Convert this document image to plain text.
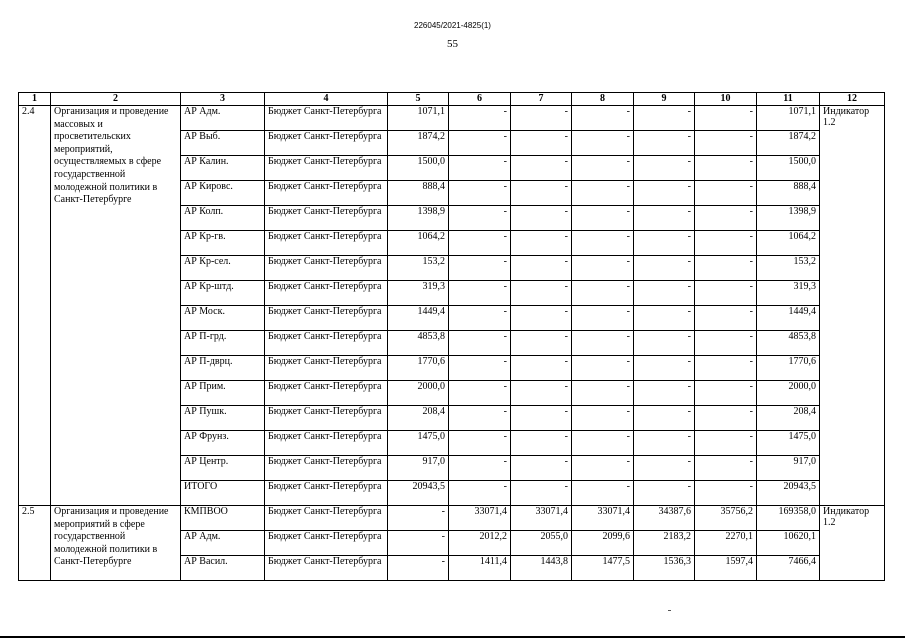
226045/2021-4825(1)
55
1	2	3	4	5	6	7	8	9	10	11	12
2.4	Организация и проведение массовых и просветительских мероприятий, осуществляемых в сфере государственной молодежной политики в Санкт-Петербурге	АР Адм.	Бюджет Санкт-Петербурга	1071,1	-	-	-	-	-	1071,1	Индикатор 1.2
		АР Выб.	Бюджет Санкт-Петербурга	1874,2	-	-	-	-	-	1874,2	
		АР Калин.	Бюджет Санкт-Петербурга	1500,0	-	-	-	-	-	1500,0	
		АР Кировс.	Бюджет Санкт-Петербурга	888,4	-	-	-	-	-	888,4	
		АР Колп.	Бюджет Санкт-Петербурга	1398,9	-	-	-	-	-	1398,9	
		АР Кр-гв.	Бюджет Санкт-Петербурга	1064,2	-	-	-	-	-	1064,2	
		АР Кр-сел.	Бюджет Санкт-Петербурга	153,2	-	-	-	-	-	153,2	
		АР Кр-штд.	Бюджет Санкт-Петербурга	319,3	-	-	-	-	-	319,3	
		АР Моск.	Бюджет Санкт-Петербурга	1449,4	-	-	-	-	-	1449,4	
		АР П-грд.	Бюджет Санкт-Петербурга	4853,8	-	-	-	-	-	4853,8	
		АР П-дврц.	Бюджет Санкт-Петербурга	1770,6	-	-	-	-	-	1770,6	
		АР Прим.	Бюджет Санкт-Петербурга	2000,0	-	-	-	-	-	2000,0	
		АР Пушк.	Бюджет Санкт-Петербурга	208,4	-	-	-	-	-	208,4	
		АР Фрунз.	Бюджет Санкт-Петербурга	1475,0	-	-	-	-	-	1475,0	
		АР Центр.	Бюджет Санкт-Петербурга	917,0	-	-	-	-	-	917,0	
		ИТОГО	Бюджет Санкт-Петербурга	20943,5	-	-	-	-	-	20943,5	
2.5	Организация и проведение мероприятий в сфере государственной молодежной политики в Санкт-Петербурге	КМПВОО	Бюджет Санкт-Петербурга	-	33071,4	33071,4	33071,4	34387,6	35756,2	169358,0	Индикатор 1.2
		АР Адм.	Бюджет Санкт-Петербурга	-	2012,2	2055,0	2099,6	2183,2	2270,1	10620,1	
		АР Васил.	Бюджет Санкт-Петербурга	-	1411,4	1443,8	1477,5	1536,3	1597,4	7466,4	
